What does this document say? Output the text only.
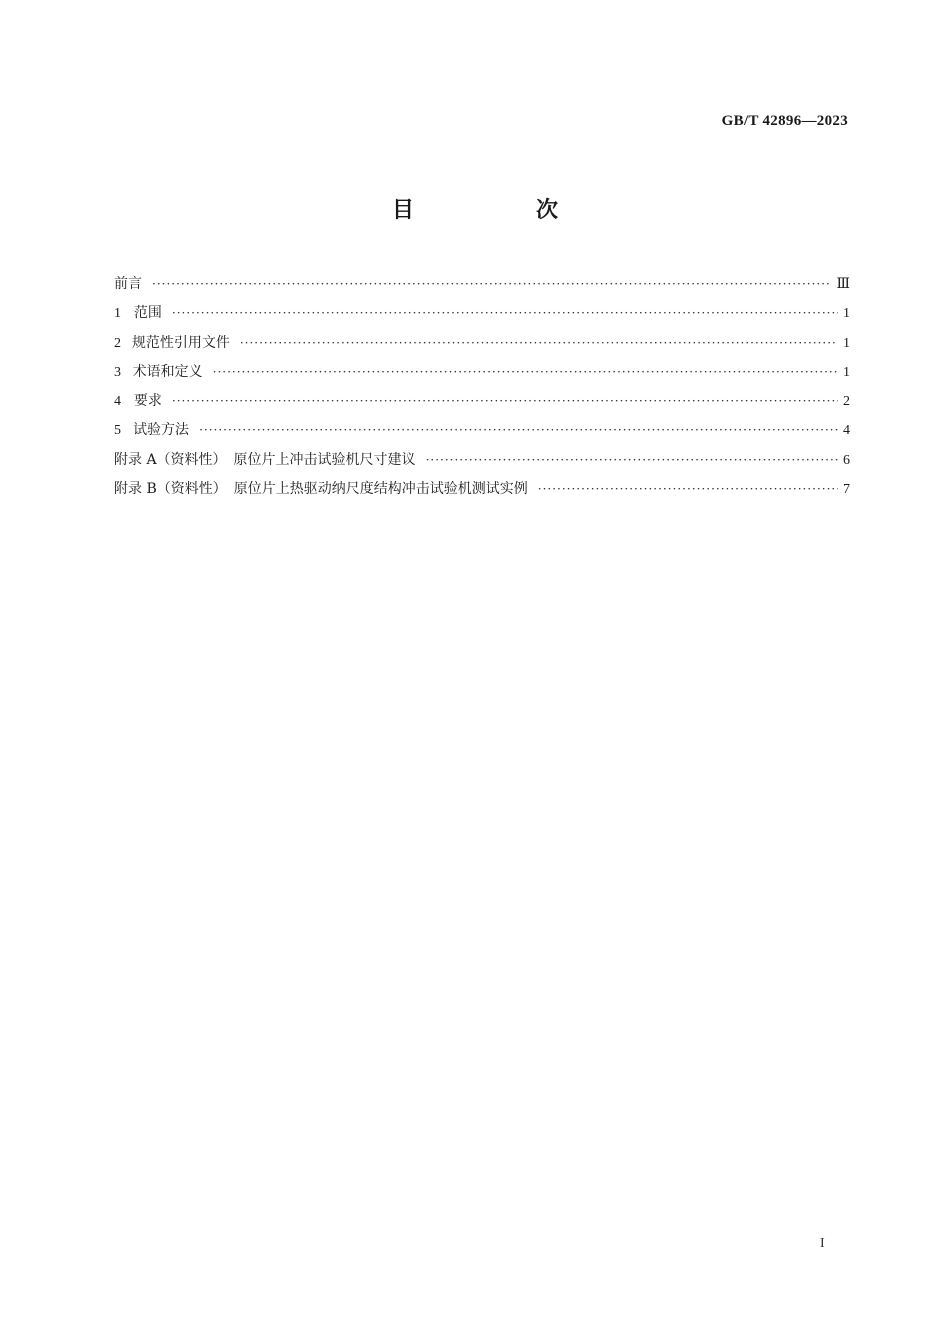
GB/T 42896—2023
目　次
前言 ·····	Ⅲ
1 范围 ·····	1
2 规范性引用文件 ·····	1
3 术语和定义 ·····	1
4 要求 ·····	2
5 试验方法 ·····	4
附录 A（资料性）　原位片上冲击试验机尺寸建议 ·····	6
附录 B（资料性）　原位片上热驱动纳尺度结构冲击试验机测试实例 ·····	7
I
